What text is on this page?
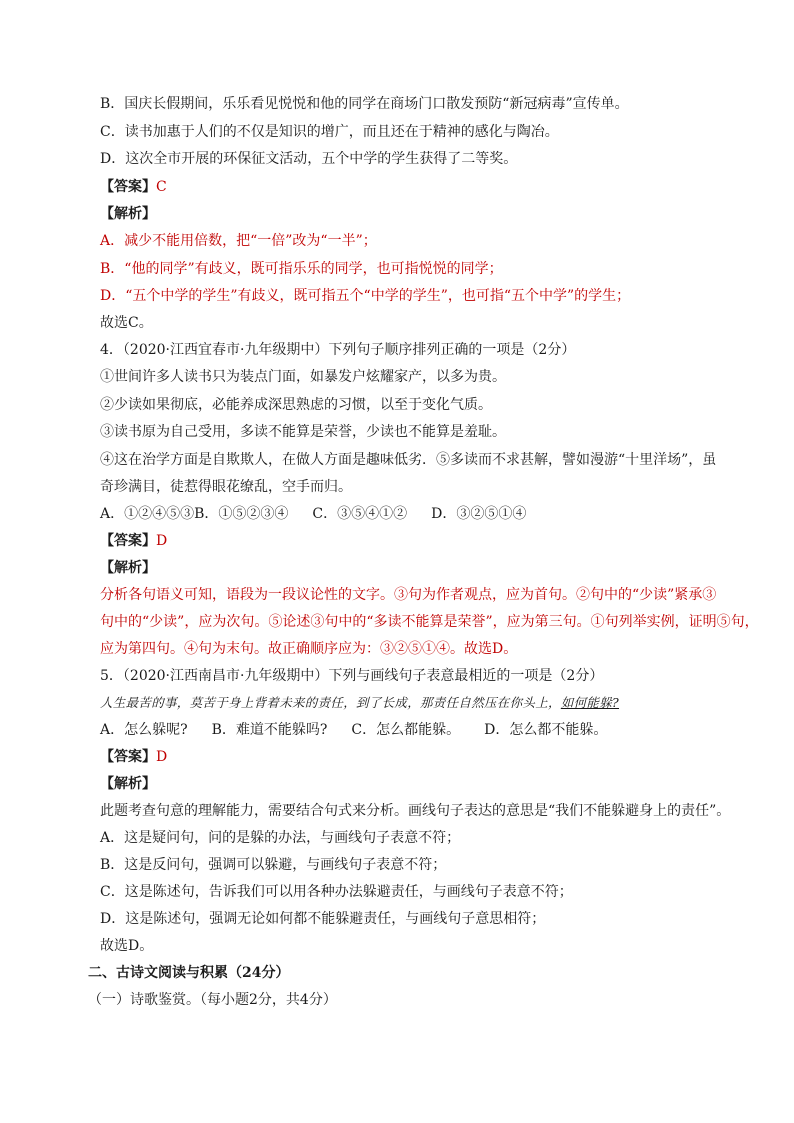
B．国庆长假期间，乐乐看见悦悦和他的同学在商场门口散发预防“新冠病毒”宣传单。
C．读书加惠于人们的不仅是知识的增广，而且还在于精神的感化与陶冶。
D．这次全市开展的环保征文活动，五个中学的学生获得了二等奖。
【答案】C
【解析】
A．减少不能用倍数，把“一倍”改为“一半”；
B．“他的同学”有歧义，既可指乐乐的同学，也可指悦悦的同学；
D．“五个中学的学生”有歧义，既可指五个“中学的学生”，也可指“五个中学”的学生；
故选C。
4．（2020·江西宜春市·九年级期中）下列句子顺序排列正确的一项是（2分）
①世间许多人读书只为装点门面，如暴发户炫耀家产，以多为贵。
②少读如果彻底，必能养成深思熟虑的习惯，以至于变化气质。
③读书原为自己受用，多读不能算是荣誉，少读也不能算是羞耻。
④这在治学方面是自欺欺人，在做人方面是趣味低劣．⑤多读而不求甚解，譬如漫游“十里洋场”，虽
奇珍满目，徒惹得眼花缭乱，空手而归。
A．①②④⑤③B．①⑤②③④ C．③⑤④①② D．③②⑤①④
【答案】D
【解析】
分析各句语义可知，语段为一段议论性的文字。③句为作者观点，应为首句。②句中的“少读”紧承③
句中的“少读”，应为次句。⑤论述③句中的“多读不能算是荣誉”，应为第三句。①句列举实例，证明⑤句，
应为第四句。④句为末句。故正确顺序应为：③②⑤①④。故选D。
5．（2020·江西南昌市·九年级期中）下列与画线句子表意最相近的一项是（2分）
人生最苦的事，莫苦于身上背着未来的责任，到了长成，那责任自然压在你头上，如何能躲?
A．怎么躲呢? B．难道不能躲吗? C．怎么都能躲。 D．怎么都不能躲。
【答案】D
【解析】
此题考查句意的理解能力，需要结合句式来分析。画线句子表达的意思是“我们不能躲避身上的责任”。
A．这是疑问句，问的是躲的办法，与画线句子表意不符；
B．这是反问句，强调可以躲避，与画线句子表意不符；
C．这是陈述句，告诉我们可以用各种办法躲避责任，与画线句子表意不符；
D．这是陈述句，强调无论如何都不能躲避责任，与画线句子意思相符；
故选D。
二、古诗文阅读与积累（24分）
（一）诗歌鉴赏。（每小题2分，共4分）
